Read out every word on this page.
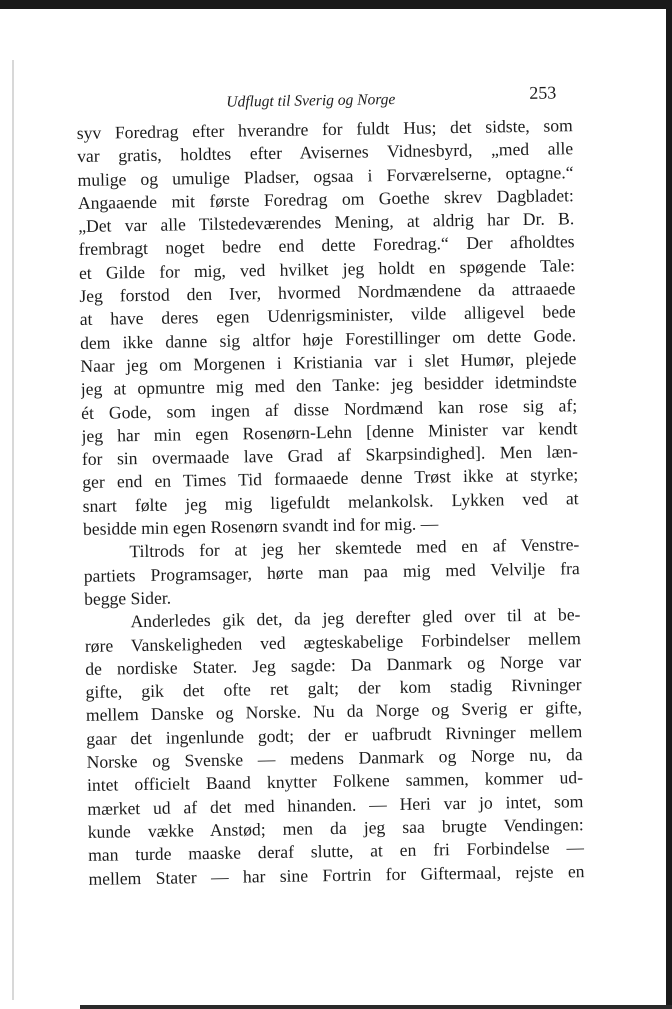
Udflugt til Sverig og Norge	253
syv Foredrag efter hverandre for fuldt Hus; det sidste, som
var gratis, holdtes efter Avisernes Vidnesbyrd, „med alle
mulige og umulige Pladser, ogsaa i Forværelserne, optagne.“
Angaaende mit første Foredrag om Goethe skrev Dagbladet:
„Det var alle Tilstedeværendes Mening, at aldrig har Dr. B.
frembragt noget bedre end dette Foredrag.“ Der afholdtes
et Gilde for mig, ved hvilket jeg holdt en spøgende Tale:
Jeg forstod den Iver, hvormed Nordmændene da attraaede
at have deres egen Udenrigsminister, vilde alligevel bede
dem ikke danne sig altfor høje Forestillinger om dette Gode.
Naar jeg om Morgenen i Kristiania var i slet Humør, plejede
jeg at opmuntre mig med den Tanke: jeg besidder idetmindste
ét Gode, som ingen af disse Nordmænd kan rose sig af;
jeg har min egen Rosenørn-Lehn [denne Minister var kendt
for sin overmaade lave Grad af Skarpsindighed]. Men læn-
ger end en Times Tid formaaede denne Trøst ikke at styrke;
snart følte jeg mig ligefuldt melankolsk. Lykken ved at
besidde min egen Rosenørn svandt ind for mig. —
Tiltrods for at jeg her skemtede med en af Venstre-
partiets Programsager, hørte man paa mig med Velvilje fra
begge Sider.
Anderledes gik det, da jeg derefter gled over til at be-
røre Vanskeligheden ved ægteskabelige Forbindelser mellem
de nordiske Stater. Jeg sagde: Da Danmark og Norge var
gifte, gik det ofte ret galt; der kom stadig Rivninger
mellem Danske og Norske. Nu da Norge og Sverig er gifte,
gaar det ingenlunde godt; der er uafbrudt Rivninger mellem
Norske og Svenske — medens Danmark og Norge nu, da
intet officielt Baand knytter Folkene sammen, kommer ud-
mærket ud af det med hinanden. — Heri var jo intet, som
kunde vække Anstød; men da jeg saa brugte Vendingen:
man turde maaske deraf slutte, at en fri Forbindelse —
mellem Stater — har sine Fortrin for Giftermaal, rejste en
